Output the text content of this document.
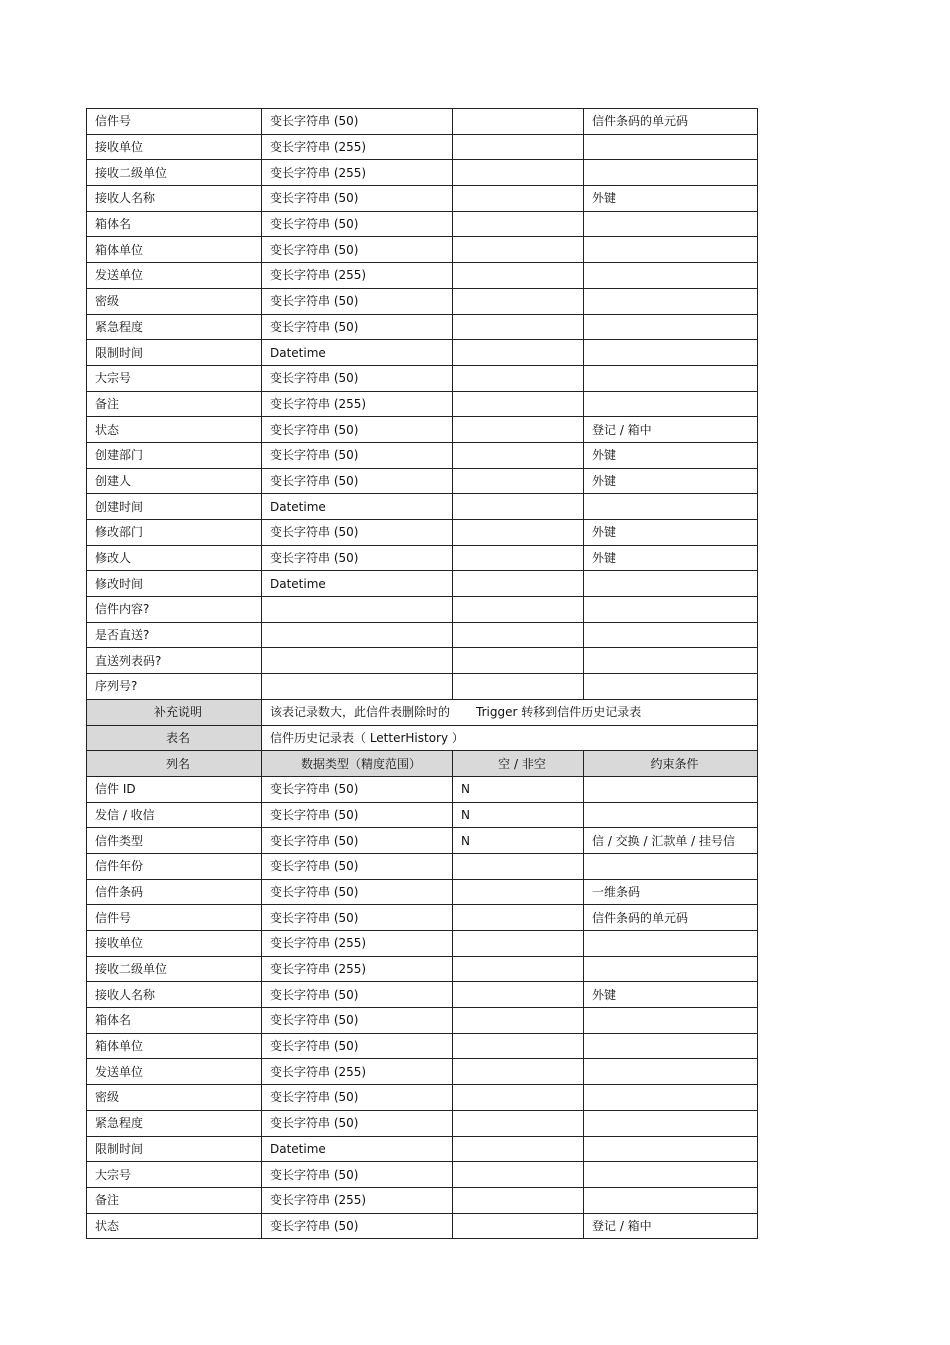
信件号	变长字符串 (50)		信件条码的单元码
接收单位	变长字符串 (255)		
接收二级单位	变长字符串 (255)		
接收人名称	变长字符串 (50)		外键
箱体名	变长字符串 (50)		
箱体单位	变长字符串 (50)		
发送单位	变长字符串 (255)		
密级	变长字符串 (50)		
紧急程度	变长字符串 (50)		
限制时间	Datetime		
大宗号	变长字符串 (50)		
备注	变长字符串 (255)		
状态	变长字符串 (50)		登记 / 箱中
创建部门	变长字符串 (50)		外键
创建人	变长字符串 (50)		外键
创建时间	Datetime		
修改部门	变长字符串 (50)		外键
修改人	变长字符串 (50)		外键
修改时间	Datetime		
信件内容?			
是否直送?			
直送列表码?			
序列号?			
补充说明	该表记录数大，此信件表删除时的 Trigger 转移到信件历史记录表		
表名	信件历史记录表（ LetterHistory ）		
列名	数据类型（精度范围）	空 / 非空	约束条件
信件 ID	变长字符串 (50)	N	
发信 / 收信	变长字符串 (50)	N	
信件类型	变长字符串 (50)	N	信 / 交换 / 汇款单 / 挂号信
信件年份	变长字符串 (50)		
信件条码	变长字符串 (50)		一维条码
信件号	变长字符串 (50)		信件条码的单元码
接收单位	变长字符串 (255)		
接收二级单位	变长字符串 (255)		
接收人名称	变长字符串 (50)		外键
箱体名	变长字符串 (50)		
箱体单位	变长字符串 (50)		
发送单位	变长字符串 (255)		
密级	变长字符串 (50)		
紧急程度	变长字符串 (50)		
限制时间	Datetime		
大宗号	变长字符串 (50)		
备注	变长字符串 (255)		
状态	变长字符串 (50)		登记 / 箱中
